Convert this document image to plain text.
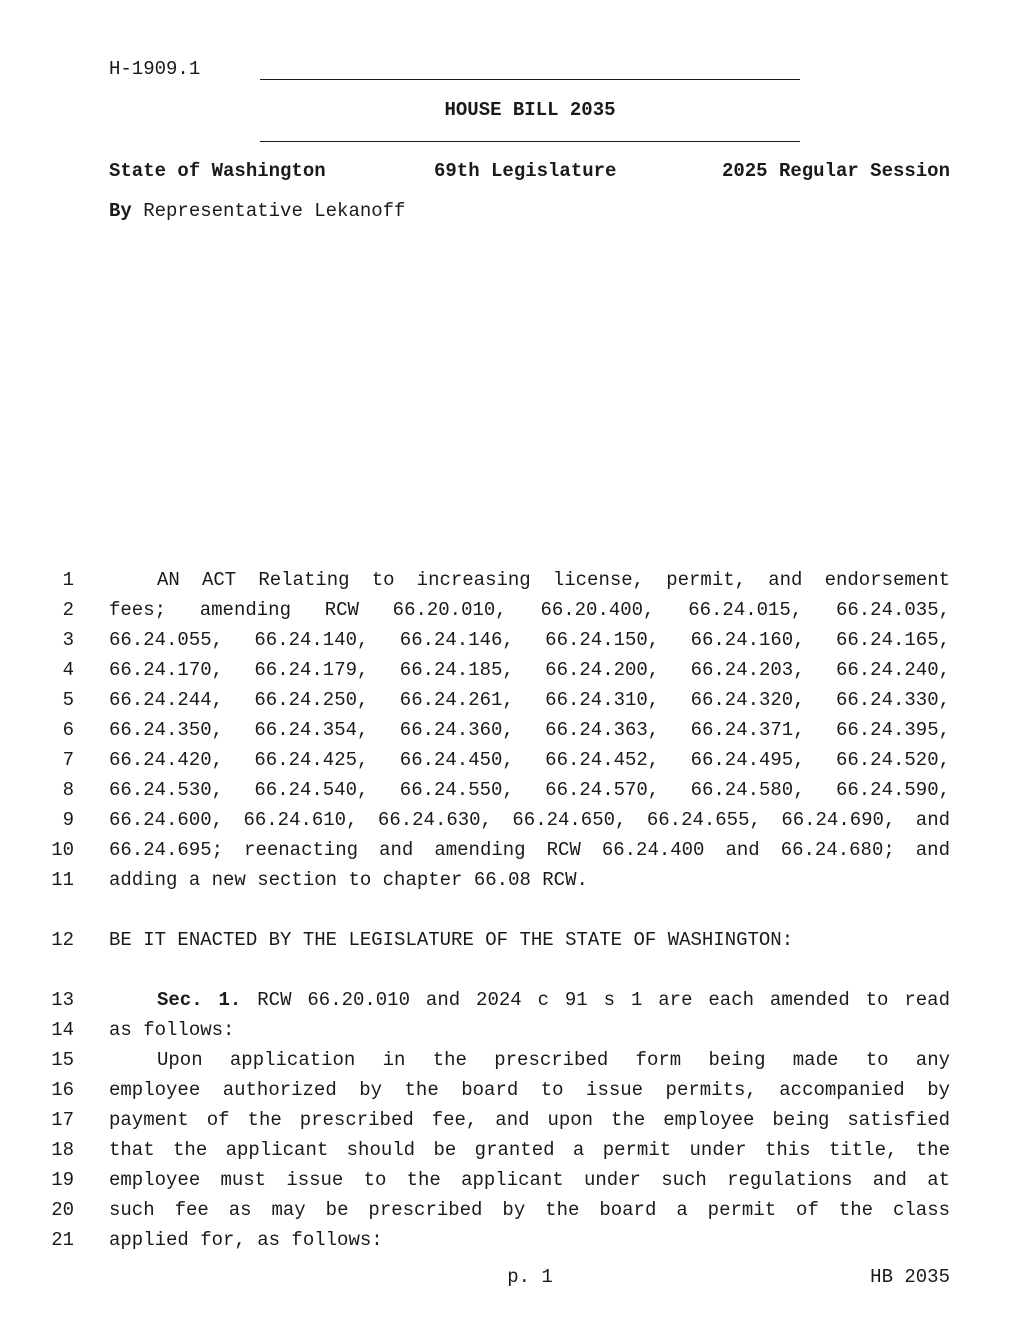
H-1909.1
HOUSE BILL 2035
State of Washington	69th Legislature	2025 Regular Session
By Representative Lekanoff
1	AN ACT Relating to increasing license, permit, and endorsement
2 fees; amending RCW 66.20.010, 66.20.400, 66.24.015, 66.24.035,
3 66.24.055, 66.24.140, 66.24.146, 66.24.150, 66.24.160, 66.24.165,
4 66.24.170, 66.24.179, 66.24.185, 66.24.200, 66.24.203, 66.24.240,
5 66.24.244, 66.24.250, 66.24.261, 66.24.310, 66.24.320, 66.24.330,
6 66.24.350, 66.24.354, 66.24.360, 66.24.363, 66.24.371, 66.24.395,
7 66.24.420, 66.24.425, 66.24.450, 66.24.452, 66.24.495, 66.24.520,
8 66.24.530, 66.24.540, 66.24.550, 66.24.570, 66.24.580, 66.24.590,
9 66.24.600, 66.24.610, 66.24.630, 66.24.650, 66.24.655, 66.24.690, and
10 66.24.695; reenacting and amending RCW 66.24.400 and 66.24.680; and
11 adding a new section to chapter 66.08 RCW.
12 BE IT ENACTED BY THE LEGISLATURE OF THE STATE OF WASHINGTON:
13	Sec. 1. RCW 66.20.010 and 2024 c 91 s 1 are each amended to read
14 as follows:
15	Upon application in the prescribed form being made to any
16 employee authorized by the board to issue permits, accompanied by
17 payment of the prescribed fee, and upon the employee being satisfied
18 that the applicant should be granted a permit under this title, the
19 employee must issue to the applicant under such regulations and at
20 such fee as may be prescribed by the board a permit of the class
21 applied for, as follows:
p. 1	HB 2035
